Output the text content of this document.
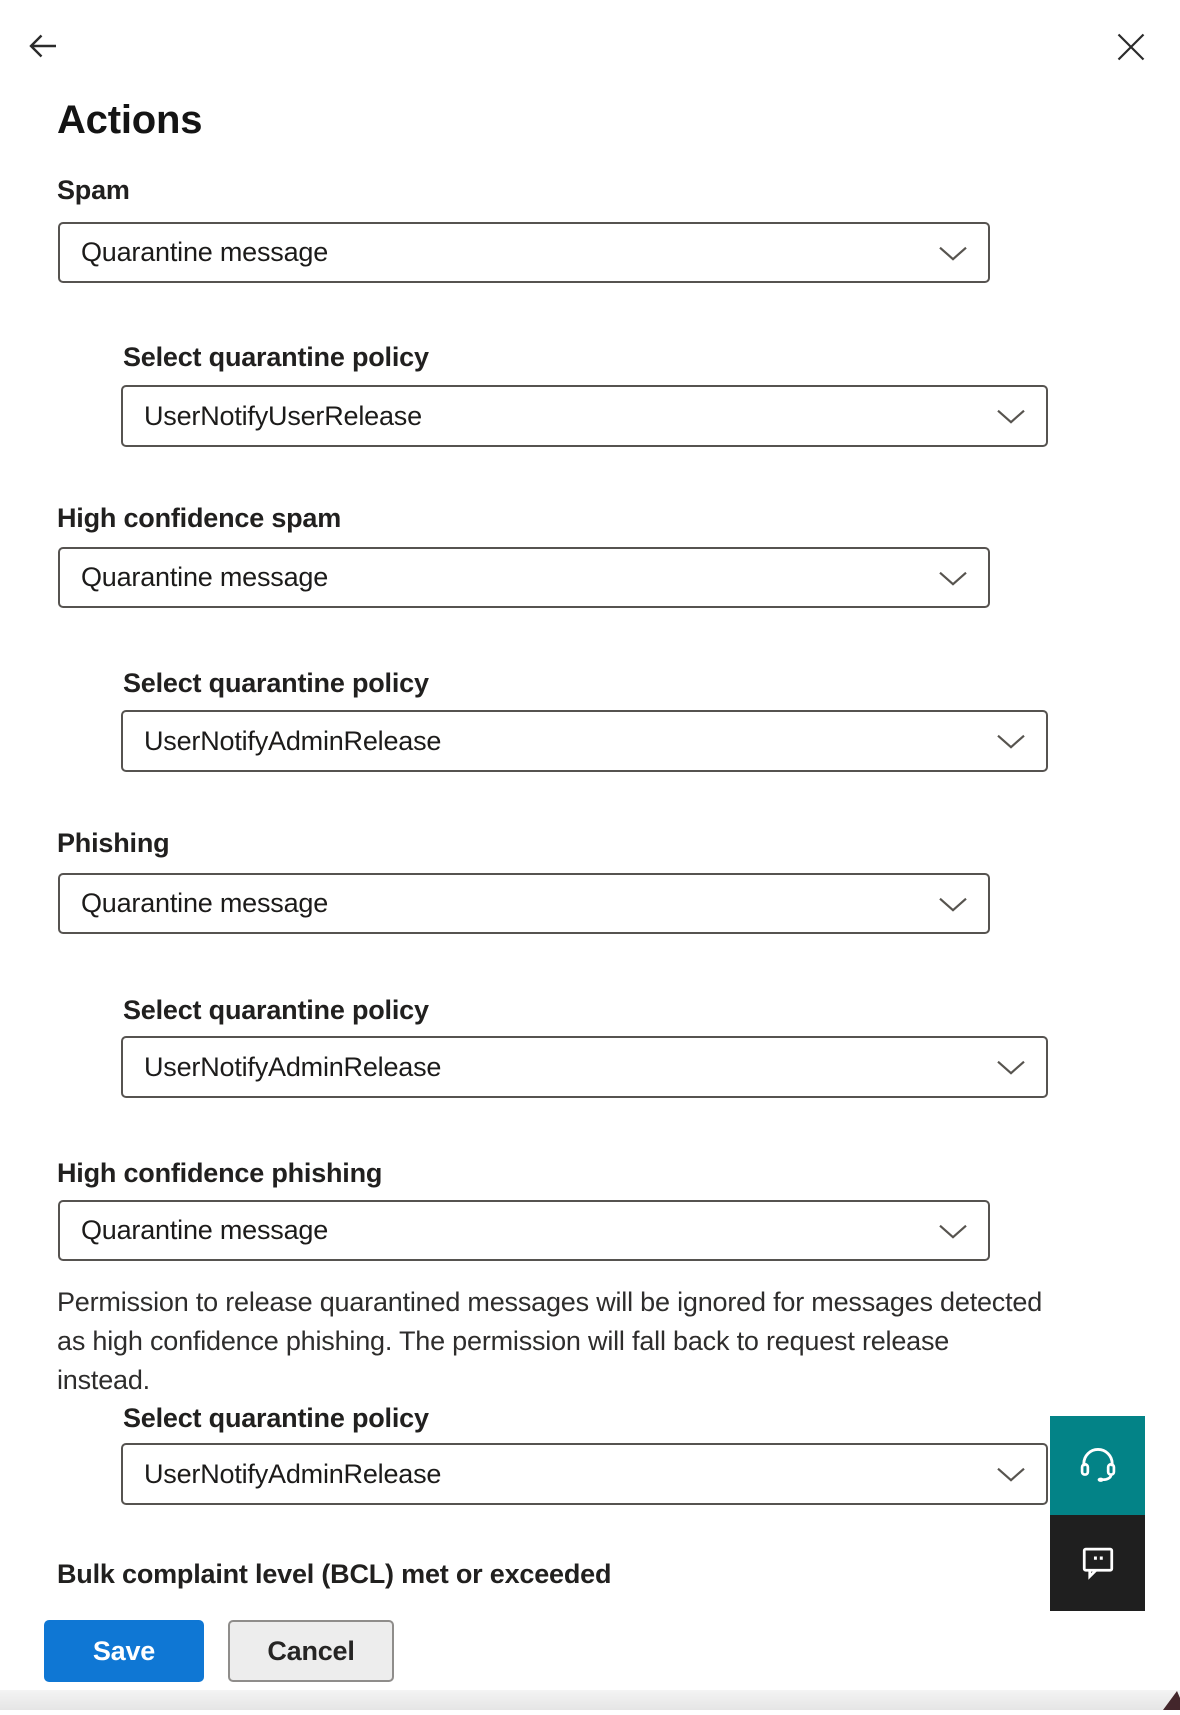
Actions
Spam
Quarantine message
Select quarantine policy
UserNotifyUserRelease
High confidence spam
Quarantine message
Select quarantine policy
UserNotifyAdminRelease
Phishing
Quarantine message
Select quarantine policy
UserNotifyAdminRelease
High confidence phishing
Quarantine message

Permission to release quarantined messages will be ignored for messages detected as high confidence phishing. The permission will fall back to request release instead.

Select quarantine policy
UserNotifyAdminRelease
Bulk complaint level (BCL) met or exceeded
Save	Cancel
